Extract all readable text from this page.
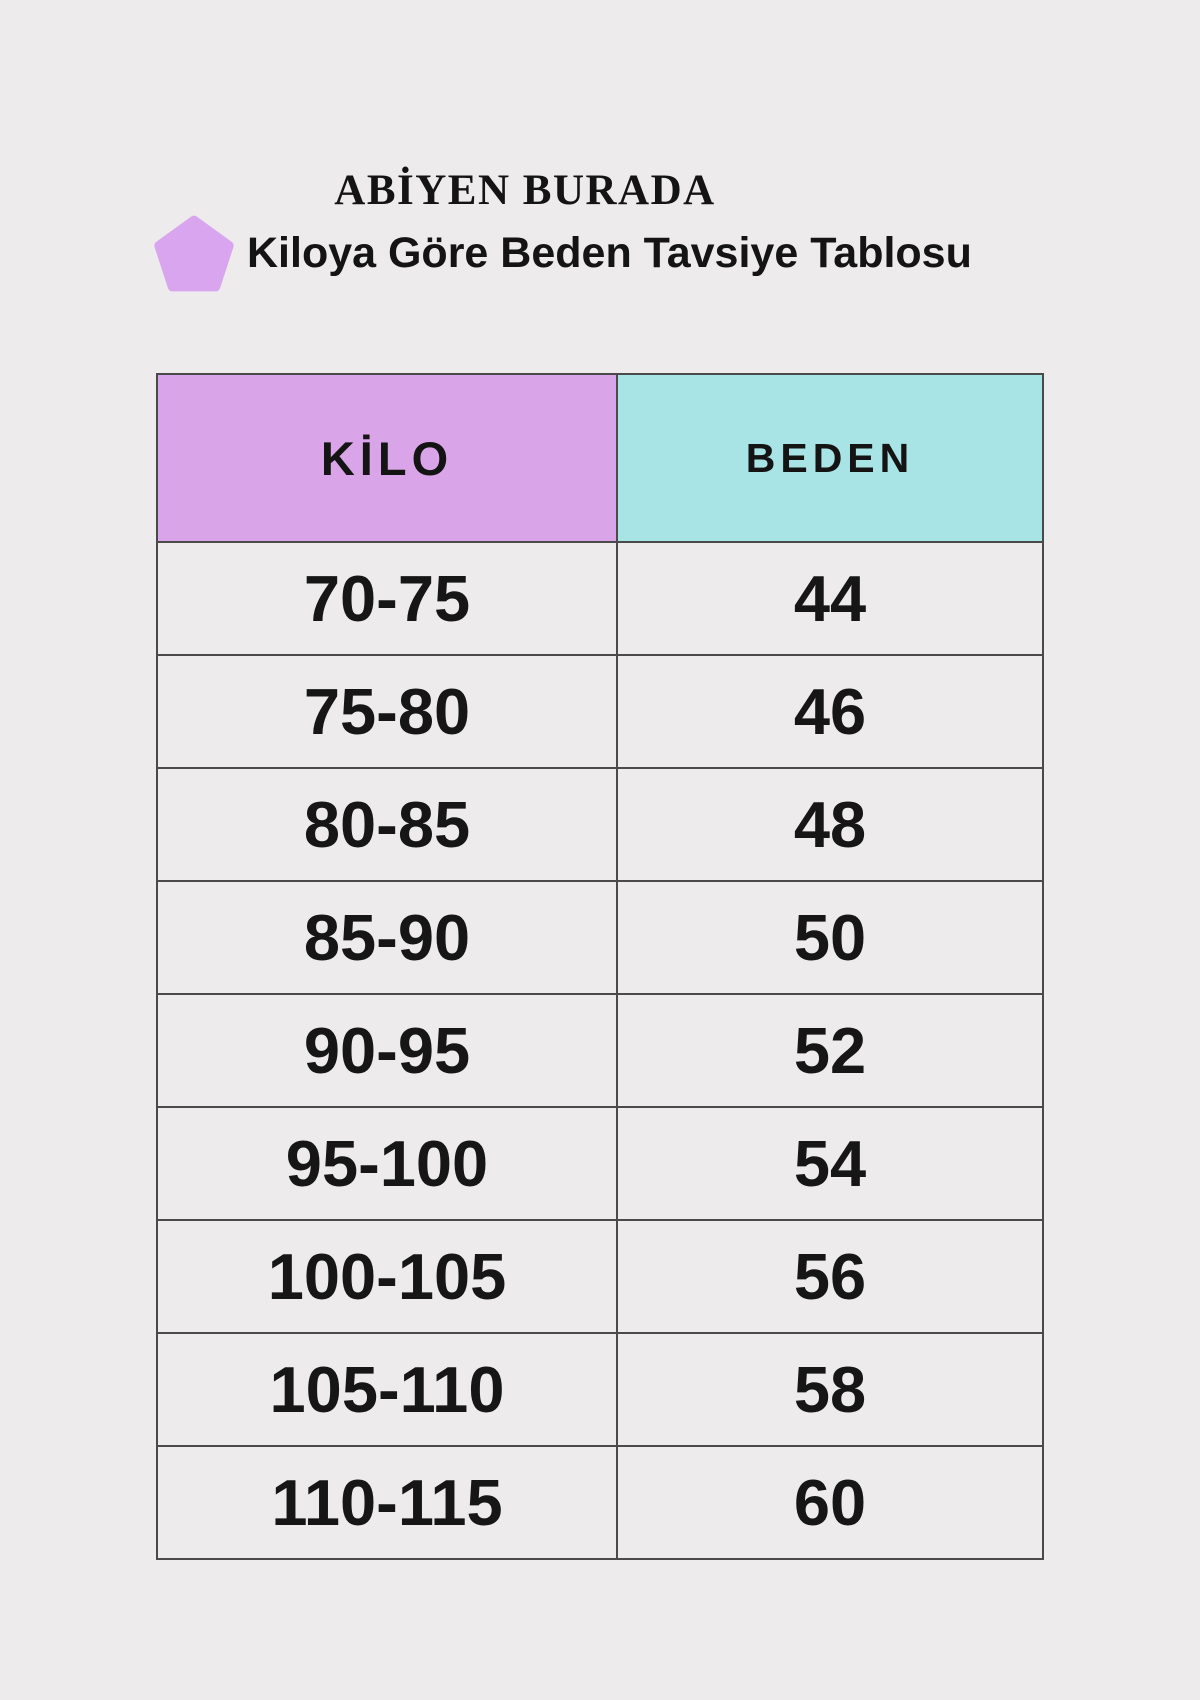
ABİYEN BURADA
Kiloya Göre Beden Tavsiye Tablosu
KİLO	BEDEN
70-75	44
75-80	46
80-85	48
85-90	50
90-95	52
95-100	54
100-105	56
105-110	58
110-115	60
